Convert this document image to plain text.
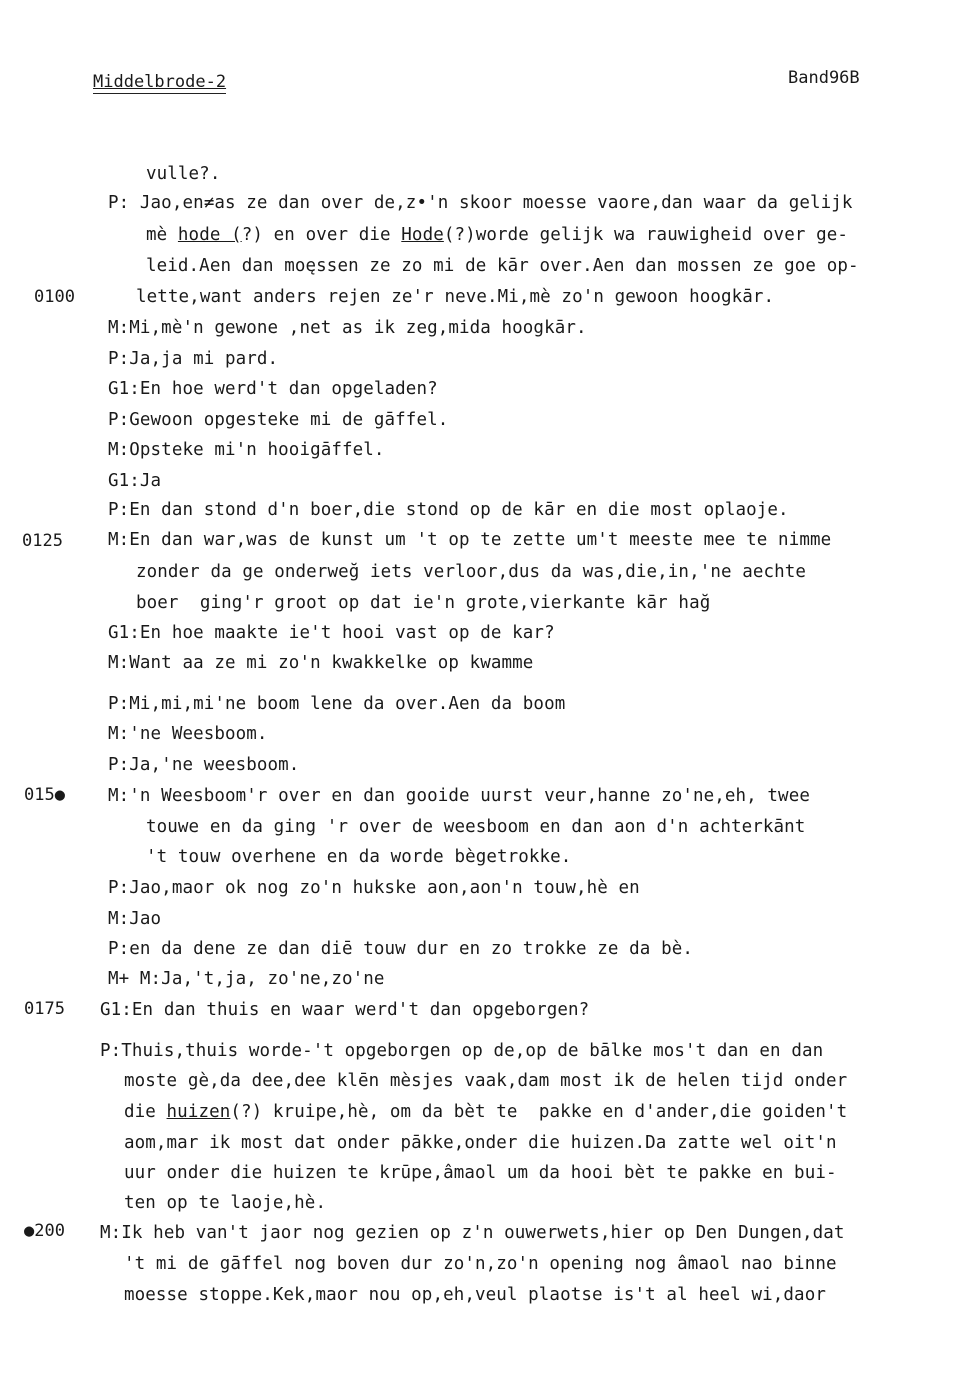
Middelbrode-2	Band96B
0100
0125
015●
0175
●200
vulle?.
P: Jao,en≠as ze dan over de,z•'n skoor moesse vaore,dan waar da gelijk
mè hode (?) en over die Hode(?)worde gelijk wa rauwigheid over ge-
leid.Aen dan moęssen ze zo mi de kār over.Aen dan mossen ze goe op-
lette,want anders rejen ze'r neve.Mi,mè zo'n gewoon hoogkār.
M:Mi,mè'n gewone ,net as ik zeg,mida hoogkār.
P:Ja,ja mi pard.
G1:En hoe werd't dan opgeladen?
P:Gewoon opgesteke mi de gāffel.
M:Opsteke mi'n hooigāffel.
G1:Ja
P:En dan stond d'n boer,die stond op de kār en die most oplaoje.
M:En dan war,was de kunst um 't op te zette um't meeste mee te nimme
zonder da ge onderweğ iets verloor,dus da was,die,in,'ne aechte
boer  ging'r groot op dat ie'n grote,vierkante kār hağ
G1:En hoe maakte ie't hooi vast op de kar?
M:Want aa ze mi zo'n kwakkelke op kwamme
P:Mi,mi,mi'ne boom lene da over.Aen da boom
M:'ne Weesboom.
P:Ja,'ne weesboom.
M:'n Weesboom'r over en dan gooide uurst veur,hanne zo'ne,eh, twee
touwe en da ging 'r over de weesboom en dan aon d'n achterkānt
't touw overhene en da worde bègetrokke.
P:Jao,maor ok nog zo'n hukske aon,aon'n touw,hè en
M:Jao
P:en da dene ze dan diē touw dur en zo trokke ze da bè.
M+ M:Ja,'t,ja, zo'ne,zo'ne
G1:En dan thuis en waar werd't dan opgeborgen?
P:Thuis,thuis worde-'t opgeborgen op de,op de bālke mos't dan en dan
moste gè,da dee,dee klēn mèsjes vaak,dam most ik de helen tijd onder
die huizen(?) kruipe,hè, om da bèt te  pakke en d'ander,die goiden't
aom,mar ik most dat onder pākke,onder die huizen.Da zatte wel oit'n
uur onder die huizen te krūpe,âmaol um da hooi bèt te pakke en bui-
ten op te laoje,hè.
M:Ik heb van't jaor nog gezien op z'n ouwerwets,hier op Den Dungen,dat
't mi de gāffel nog boven dur zo'n,zo'n opening nog âmaol nao binne
moesse stoppe.Kek,maor nou op,eh,veul plaotse is't al heel wi,daor
